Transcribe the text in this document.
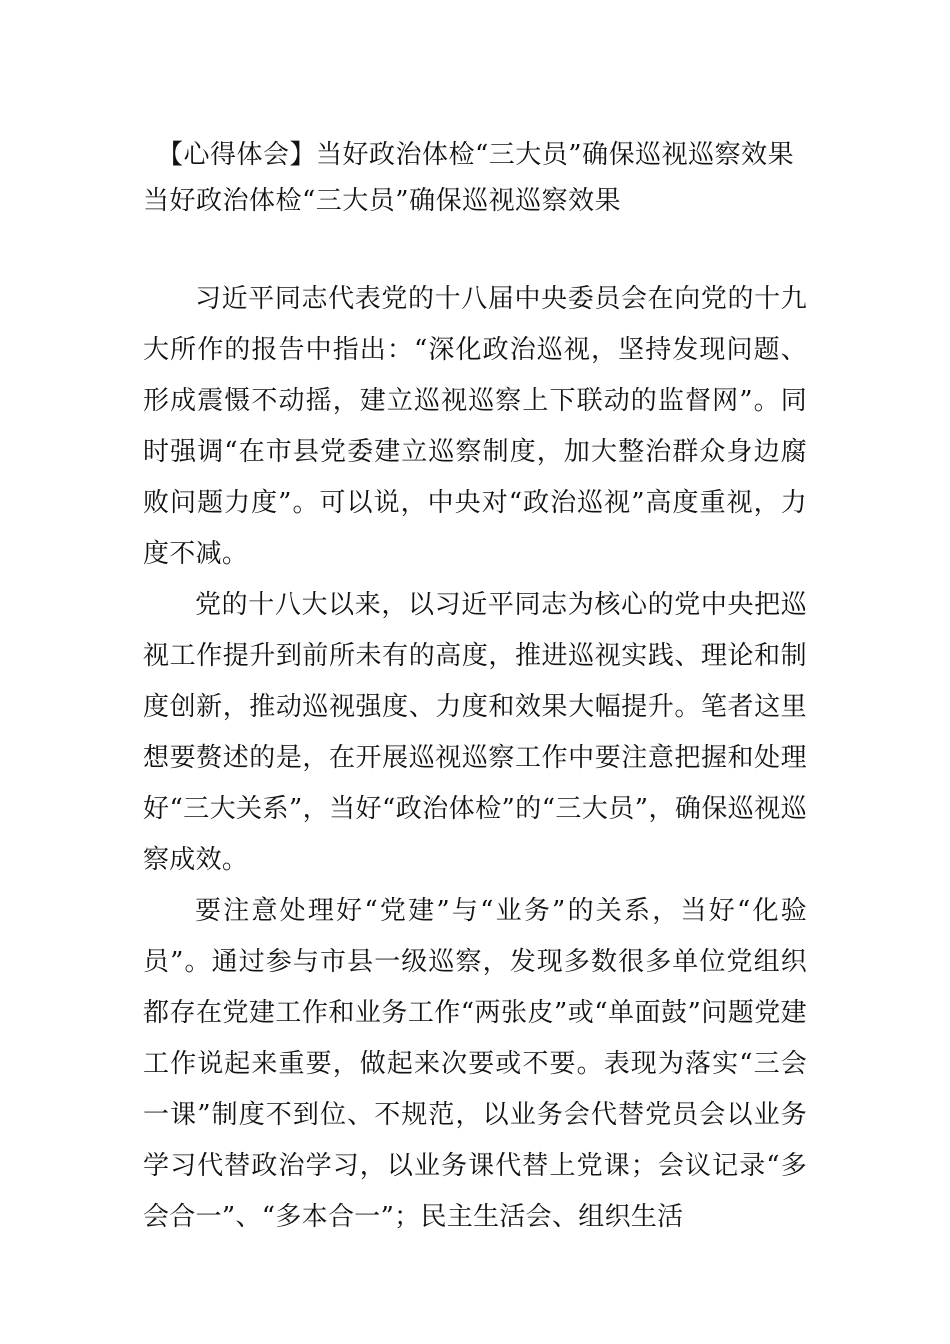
【心得体会】当好政治体检“三大员”确保巡视巡察效果
当好政治体检“三大员”确保巡视巡察效果

习近平同志代表党的十八届中央委员会在向党的十九大所作的报告中指出：“深化政治巡视，坚持发现问题、形成震慑不动摇，建立巡视巡察上下联动的监督网”。同时强调“在市县党委建立巡察制度，加大整治群众身边腐败问题力度”。可以说，中央对“政治巡视”高度重视，力度不减。

党的十八大以来，以习近平同志为核心的党中央把巡视工作提升到前所未有的高度，推进巡视实践、理论和制度创新，推动巡视强度、力度和效果大幅提升。笔者这里想要赘述的是，在开展巡视巡察工作中要注意把握和处理好“三大关系”，当好“政治体检”的“三大员”，确保巡视巡察成效。

要注意处理好“党建”与“业务”的关系，当好“化验员”。通过参与市县一级巡察，发现多数很多单位党组织都存在党建工作和业务工作“两张皮”或“单面鼓”问题党建工作说起来重要，做起来次要或不要。表现为落实“三会一课”制度不到位、不规范，以业务会代替党员会以业务学习代替政治学习，以业务课代替上党课；会议记录“多会合一”、“多本合一”；民主生活会、组织生活
